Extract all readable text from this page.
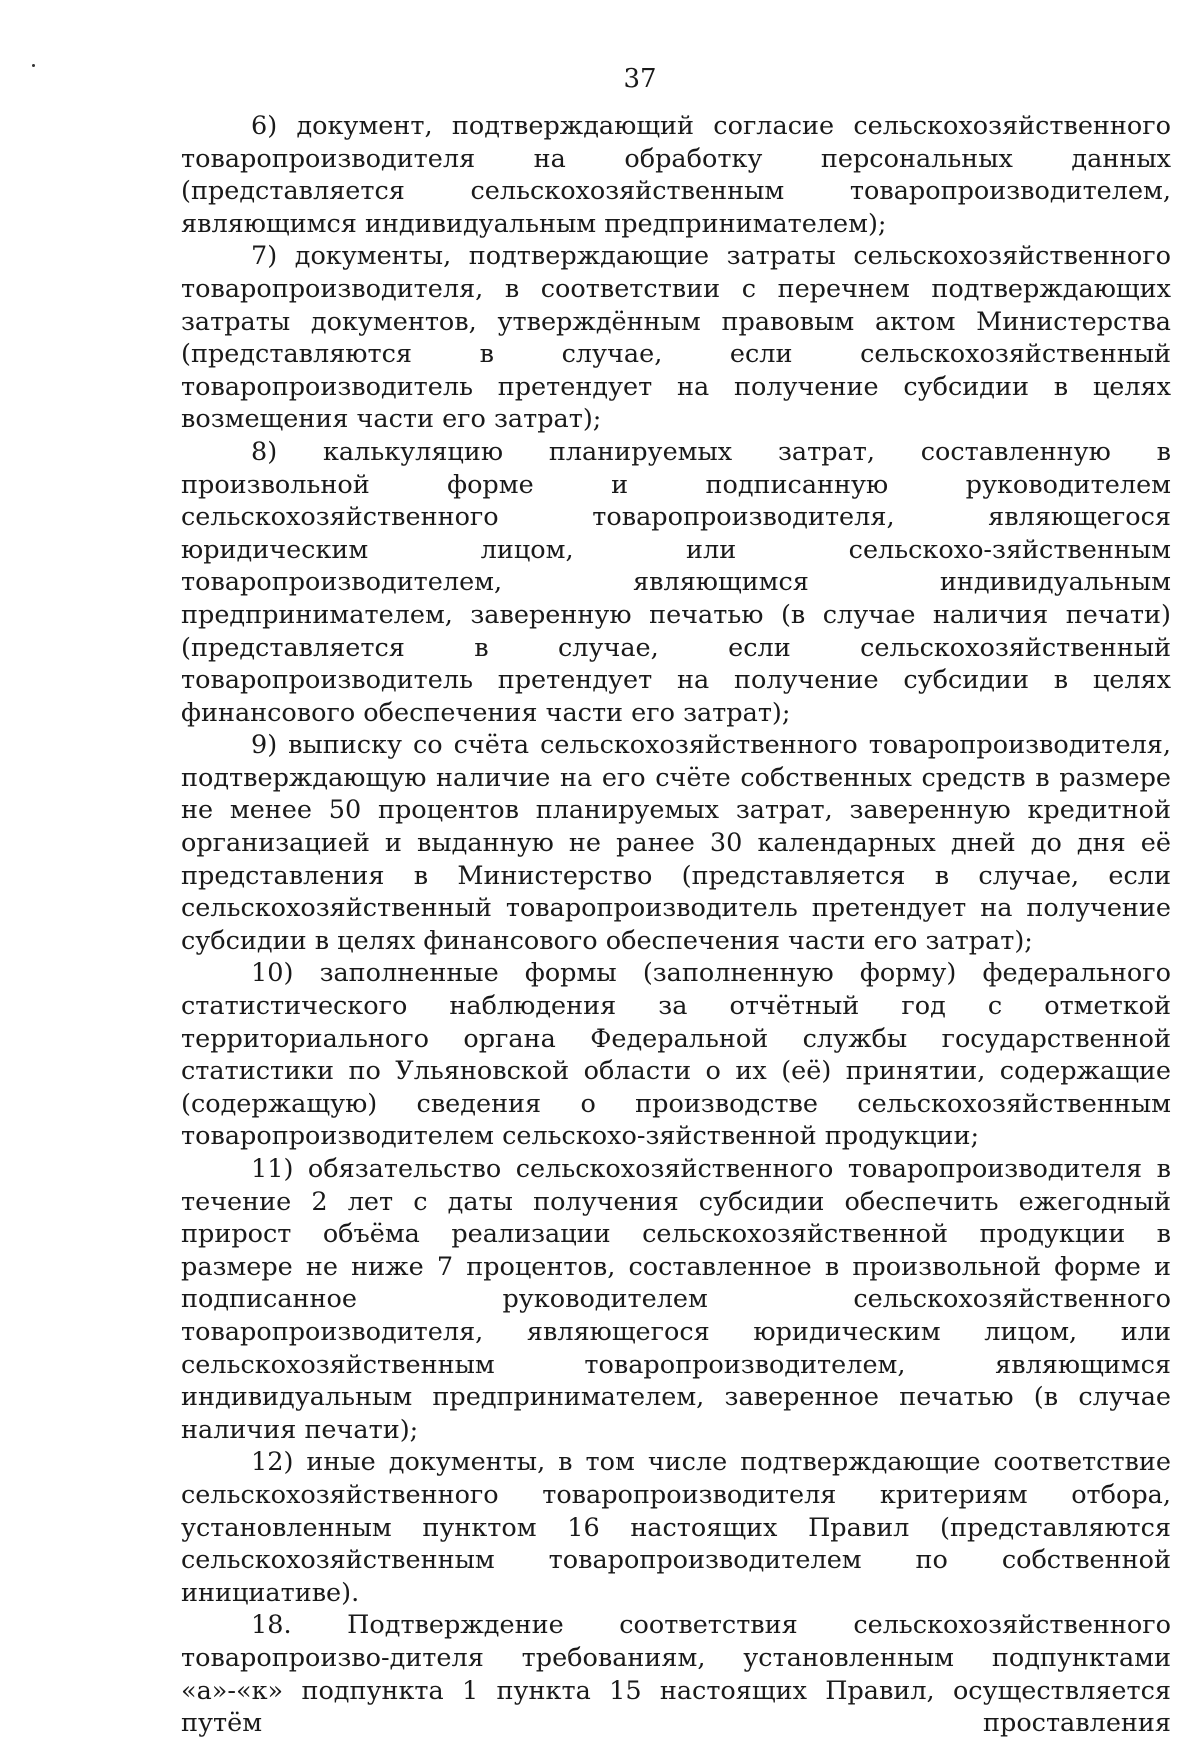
37

6) документ, подтверждающий согласие сельскохозяйственного товаропроизводителя на обработку персональных данных (представляется сельскохозяйственным товаропроизводителем, являющимся индивидуальным предпринимателем);

7) документы, подтверждающие затраты сельскохозяйственного товаропроизводителя, в соответствии с перечнем подтверждающих затраты документов, утверждённым правовым актом Министерства (представляются в случае, если сельскохозяйственный товаропроизводитель претендует на получение субсидии в целях возмещения части его затрат);

8) калькуляцию планируемых затрат, составленную в произвольной форме и подписанную руководителем сельскохозяйственного товаропроизводителя, являющегося юридическим лицом, или сельскохо-зяйственным товаропроизводителем, являющимся индивидуальным предпринимателем, заверенную печатью (в случае наличия печати) (представляется в случае, если сельскохозяйственный товаропроизводитель претендует на получение субсидии в целях финансового обеспечения части его затрат);

9) выписку со счёта сельскохозяйственного товаропроизводителя, подтверждающую наличие на его счёте собственных средств в размере не менее 50 процентов планируемых затрат, заверенную кредитной организацией и выданную не ранее 30 календарных дней до дня её представления в Министерство (представляется в случае, если сельскохозяйственный товаропроизводитель претендует на получение субсидии в целях финансового обеспечения части его затрат);

10) заполненные формы (заполненную форму) федерального статистического наблюдения за отчётный год с отметкой территориального органа Федеральной службы государственной статистики по Ульяновской области о их (её) принятии, содержащие (содержащую) сведения о производстве сельскохозяйственным товаропроизводителем сельскохо-зяйственной продукции;

11) обязательство сельскохозяйственного товаропроизводителя в течение 2 лет с даты получения субсидии обеспечить ежегодный прирост объёма реализации сельскохозяйственной продукции в размере не ниже 7 процентов, составленное в произвольной форме и подписанное руководителем сельскохозяйственного товаропроизводителя, являющегося юридическим лицом, или сельскохозяйственным товаропроизводителем, являющимся индивидуальным предпринимателем, заверенное печатью (в случае наличия печати);

12) иные документы, в том числе подтверждающие соответствие сельскохозяйственного товаропроизводителя критериям отбора, установленным пунктом 16 настоящих Правил (представляются сельскохозяйственным товаропроизводителем по собственной инициативе).

18. Подтверждение соответствия сельскохозяйственного товаропроизво-дителя требованиям, установленным подпунктами «а»-«к» подпункта 1 пункта 15 настоящих Правил, осуществляется путём проставления
